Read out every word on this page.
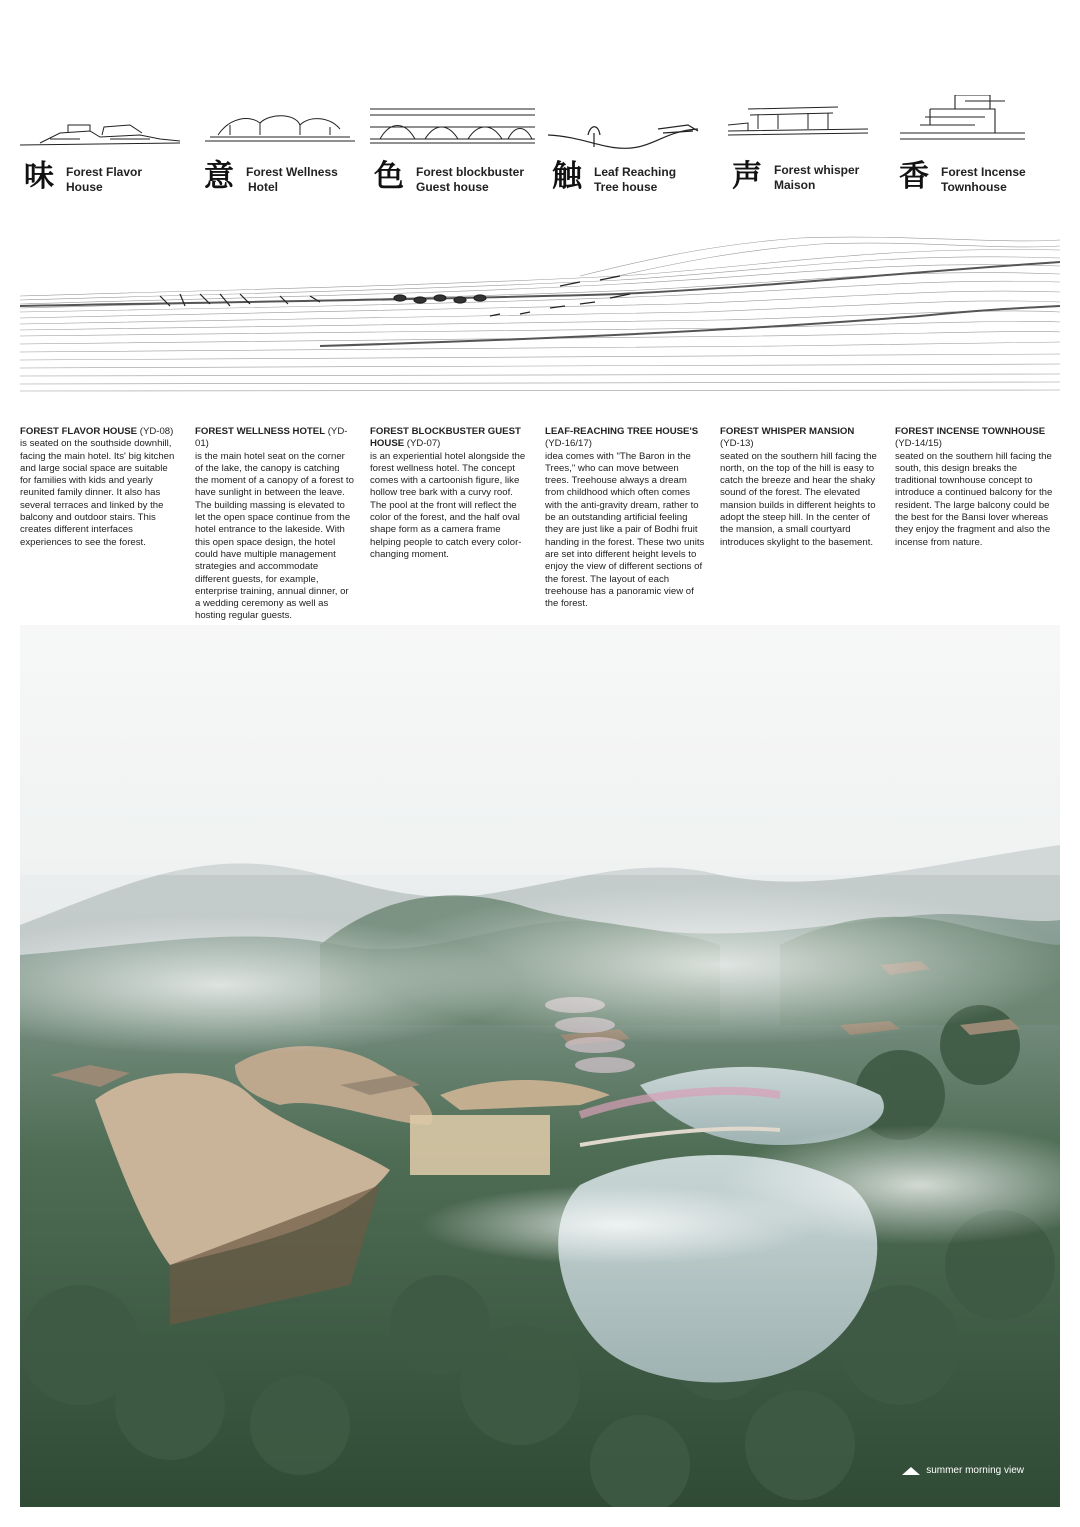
味	Forest Flavor
House	意	Forest Wellness
Hotel	色	Forest blockbuster
Guest house	触	Leaf Reaching
Tree house	声	Forest whisper
Maison	香	Forest Incense
Townhouse

FOREST FLAVOR HOUSE (YD-08)

is seated on the southside downhill, facing the main hotel. Its' big kitchen and large social space are suitable for families with kids and yearly reunited family dinner. It also has several terraces and linked by the balcony and outdoor stairs. This creates different interfaces experiences to see the forest.

FOREST WELLNESS HOTEL (YD-01)

is the main hotel seat on the corner of the lake, the canopy is catching the moment of a canopy of a forest to have sunlight in between the leave. The building massing is elevated to let the open space continue from the hotel entrance to the lakeside. With this open space design, the hotel could have multiple management strategies and accommodate different guests, for example, enterprise training, annual dinner, or a wedding ceremony as well as hosting regular guests.

FOREST BLOCKBUSTER GUEST HOUSE (YD-07)

is an experiential hotel alongside the forest wellness hotel. The concept comes with a cartoonish figure, like hollow tree bark with a curvy roof. The pool at the front will reflect the color of the forest, and the half oval shape form as a camera frame helping people to catch every color-changing moment.

LEAF-REACHING TREE HOUSE'S

(YD-16/17)

idea comes with "The Baron in the Trees," who can move between trees. Treehouse always a dream from childhood which often comes with the anti-gravity dream, rather to be an outstanding artificial feeling they are just like a pair of Bodhi fruit handing in the forest. These two units are set into different height levels to enjoy the view of different sections of the forest. The layout of each treehouse has a panoramic view of the forest.

FOREST WHISPER MANSION

(YD-13)

seated on the southern hill facing the north, on the top of the hill is easy to catch the breeze and hear the shaky sound of the forest. The elevated mansion builds in different heights to adopt the steep hill. In the center of the mansion, a small courtyard introduces skylight to the basement.

FOREST INCENSE TOWNHOUSE

(YD-14/15)

seated on the southern hill facing the south, this design breaks the traditional townhouse concept to introduce a continued balcony for the resident. The large balcony could be the best for the Bansi lover whereas they enjoy the fragment and also the incense from nature.

summer morning view
